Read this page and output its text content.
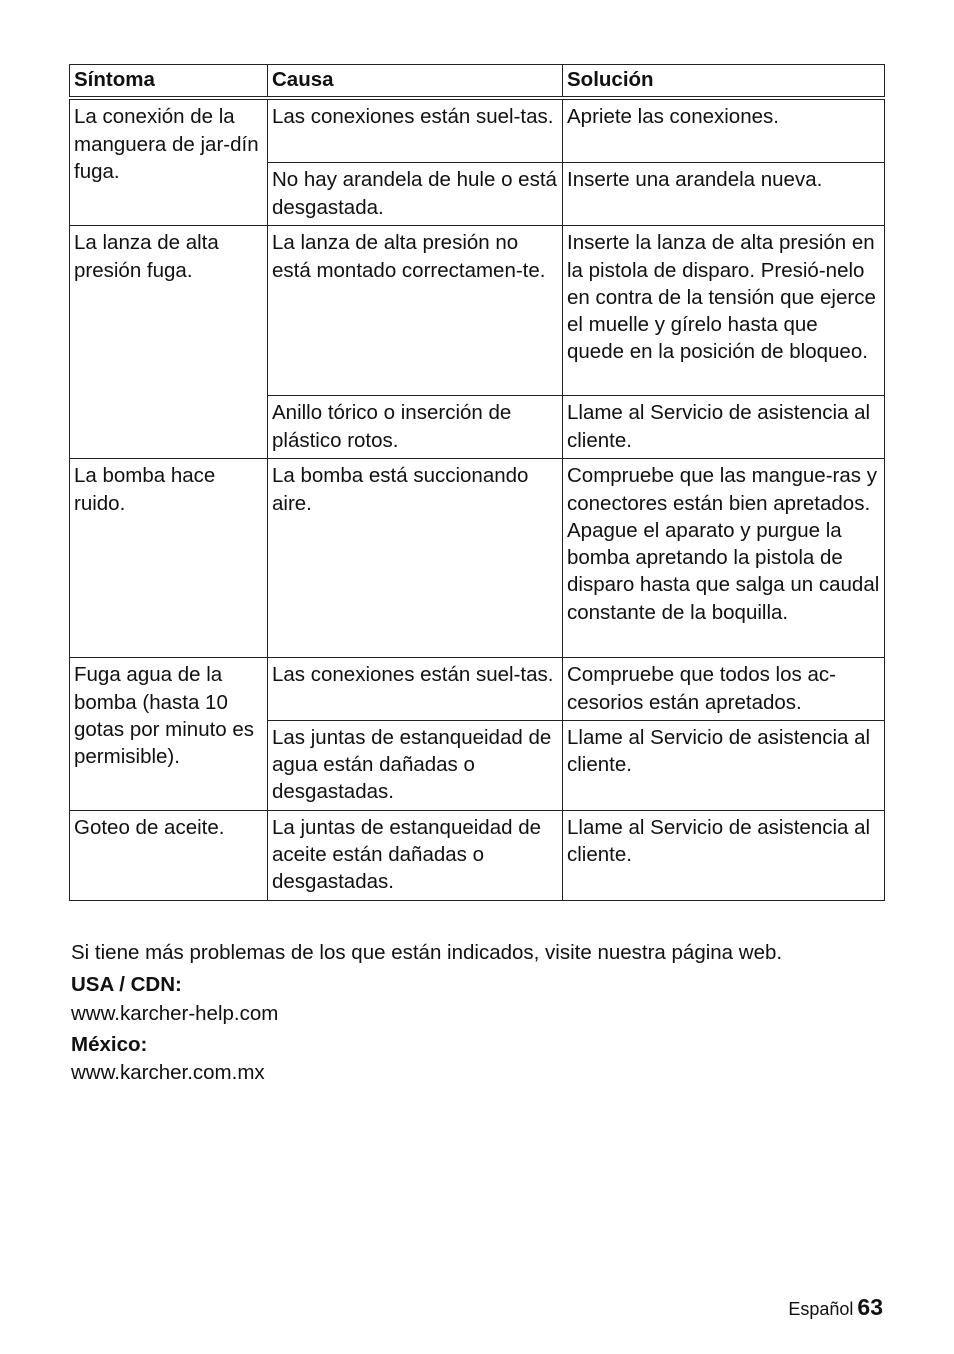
Síntoma	Causa	Solución
La conexión de la manguera de jar-dín fuga.	Las conexiones están suel-tas.	Apriete las conexiones.
	No hay arandela de hule o está desgastada.	Inserte una arandela nueva.
La lanza de alta presión fuga.	La lanza de alta presión no está montado correctamen-te.	Inserte la lanza de alta presión en la pistola de disparo. Presió-nelo en contra de la tensión que ejerce el muelle y gírelo hasta que quede en la posición de bloqueo.
	Anillo tórico o inserción de plástico rotos.	Llame al Servicio de asistencia al cliente.
La bomba hace ruido.	La bomba está succionando aire.	Compruebe que las mangue-ras y conectores están bien apretados. Apague el aparato y purgue la bomba apretando la pistola de disparo hasta que salga un caudal constante de la boquilla.
Fuga agua de la bomba (hasta 10 gotas por minuto es permisible).	Las conexiones están suel-tas.	Compruebe que todos los ac-cesorios están apretados.
	Las juntas de estanqueidad de agua están dañadas o desgastadas.	Llame al Servicio de asistencia al cliente.
Goteo de aceite.	La juntas de estanqueidad de aceite están dañadas o desgastadas.	Llame al Servicio de asistencia al cliente.
Si tiene más problemas de los que están indicados, visite nuestra página web.
USA / CDN:
www.karcher-help.com
México:
www.karcher.com.mx
Español 63
